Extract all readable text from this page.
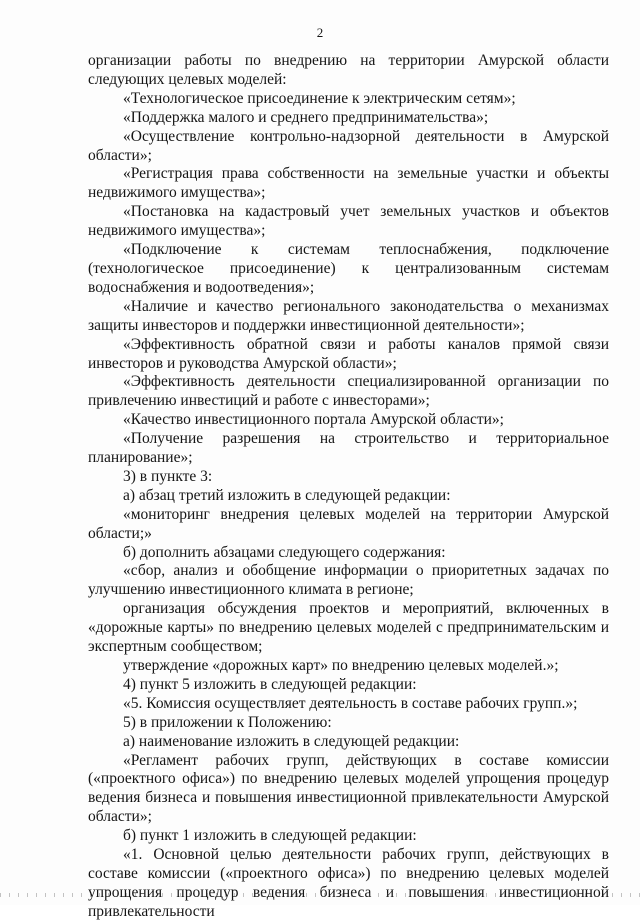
2

организации работы по внедрению на территории Амурской области следующих целевых моделей:

«Технологическое присоединение к электрическим сетям»;

«Поддержка малого и среднего предпринимательства»;

«Осуществление контрольно-надзорной деятельности в Амурской области»;

«Регистрация права собственности на земельные участки и объекты недвижимого имущества»;

«Постановка на кадастровый учет земельных участков и объектов недвижимого имущества»;

«Подключение к системам теплоснабжения, подключение (технологическое присоединение) к централизованным системам водоснабжения и водоотведения»;

«Наличие и качество регионального законодательства о механизмах защиты инвесторов и поддержки инвестиционной деятельности»;

«Эффективность обратной связи и работы каналов прямой связи инвесторов и руководства Амурской области»;

«Эффективность деятельности специализированной организации по привлечению инвестиций и работе с инвесторами»;

«Качество инвестиционного портала Амурской области»;

«Получение разрешения на строительство и территориальное планирование»;

3) в пункте 3:

а) абзац третий изложить в следующей редакции:

«мониторинг внедрения целевых моделей на территории Амурской области;»

б) дополнить абзацами следующего содержания:

«сбор, анализ и обобщение информации о приоритетных задачах по улучшению инвестиционного климата в регионе;

организация обсуждения проектов и мероприятий, включенных в «дорожные карты» по внедрению целевых моделей с предпринимательским и экспертным сообществом;

утверждение «дорожных карт» по внедрению целевых моделей.»;

4) пункт 5 изложить в следующей редакции:

«5. Комиссия осуществляет деятельность в составе рабочих групп.»;

5) в приложении к Положению:

а) наименование изложить в следующей редакции:

«Регламент рабочих групп, действующих в составе комиссии («проектного офиса») по внедрению целевых моделей упрощения процедур ведения бизнеса и повышения инвестиционной привлекательности Амурской области»;

б) пункт 1 изложить в следующей редакции:

«1. Основной целью деятельности рабочих групп, действующих в составе комиссии («проектного офиса») по внедрению целевых моделей упрощения процедур ведения бизнеса и повышения инвестиционной привлекательности
